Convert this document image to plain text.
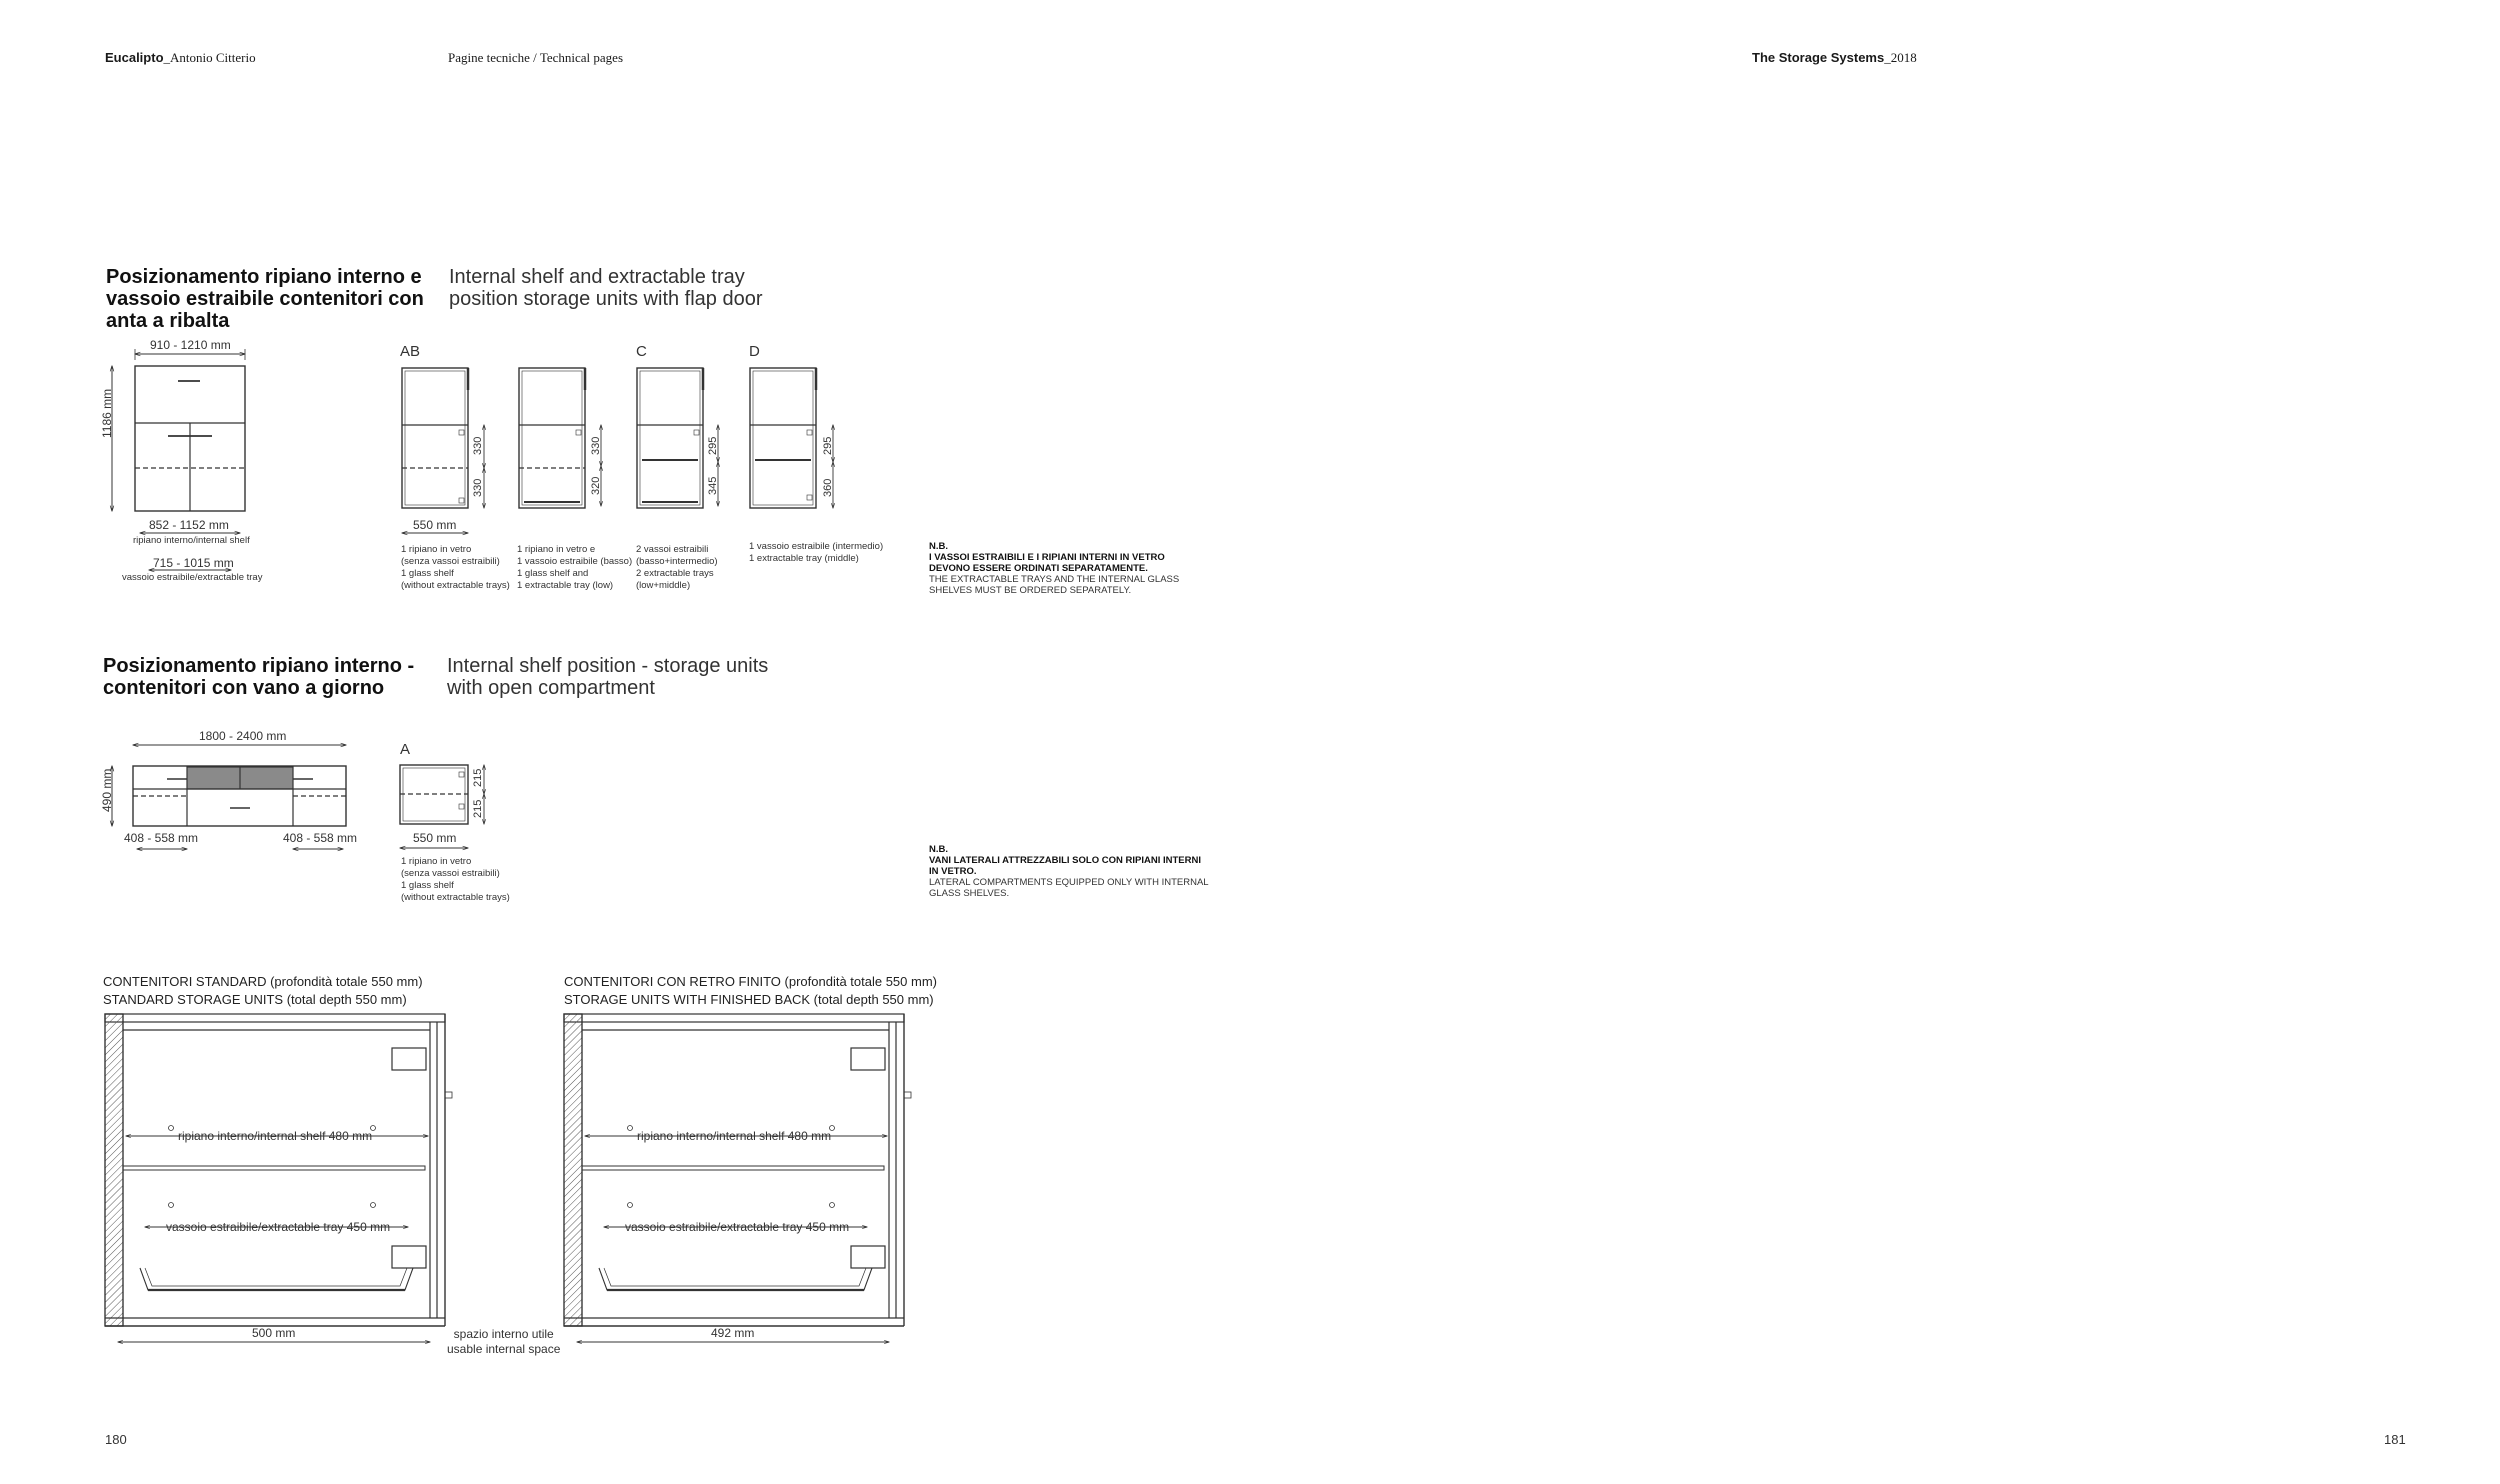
Eucalipto_Antonio Citterio	Pagine tecniche / Technical pages	The Storage Systems_2018
Posizionamento ripiano interno e vassoio estraibile contenitori con anta a ribalta
Internal shelf and extractable tray position storage units with flap door
910 - 1210 mm
1186 mm
852 - 1152 mm
ripiano interno/internal shelf
715 - 1015 mm
vassoio estraibile/extractable tray
AB	C	D
550 mm
330
330
330
320
295
345
295
360
1 ripiano in vetro
(senza vassoi estraibili)
1 glass shelf
(without extractable trays)
1 ripiano in vetro e
1 vassoio estraibile (basso)
1 glass shelf and
1 extractable tray (low)
2 vassoi estraibili
(basso+intermedio)
2 extractable trays
(low+middle)
1 vassoio estraibile (intermedio)
1 extractable tray (middle)
N.B.
I VASSOI ESTRAIBILI E I RIPIANI INTERNI IN VETRO DEVONO ESSERE ORDINATI SEPARATAMENTE.
THE EXTRACTABLE TRAYS AND THE INTERNAL GLASS SHELVES MUST BE ORDERED SEPARATELY.
Posizionamento ripiano interno - contenitori con vano a giorno
Internal shelf position - storage units with open compartment
1800 - 2400 mm
490 mm
408 - 558 mm	408 - 558 mm
A
550 mm
215
215
1 ripiano in vetro
(senza vassoi estraibili)
1 glass shelf
(without extractable trays)
N.B.
VANI LATERALI ATTREZZABILI SOLO CON RIPIANI INTERNI IN VETRO.
LATERAL COMPARTMENTS EQUIPPED ONLY WITH INTERNAL GLASS SHELVES.
CONTENITORI STANDARD (profondità totale 550 mm)
STANDARD STORAGE UNITS (total depth 550 mm)
CONTENITORI CON RETRO FINITO (profondità totale 550 mm)
STORAGE UNITS WITH FINISHED BACK (total depth 550 mm)
ripiano interno/internal shelf 480 mm
vassoio estraibile/extractable tray 450 mm
500 mm
ripiano interno/internal shelf 480 mm
vassoio estraibile/extractable tray 450 mm
492 mm
spazio interno utile
usable internal space
180	181
